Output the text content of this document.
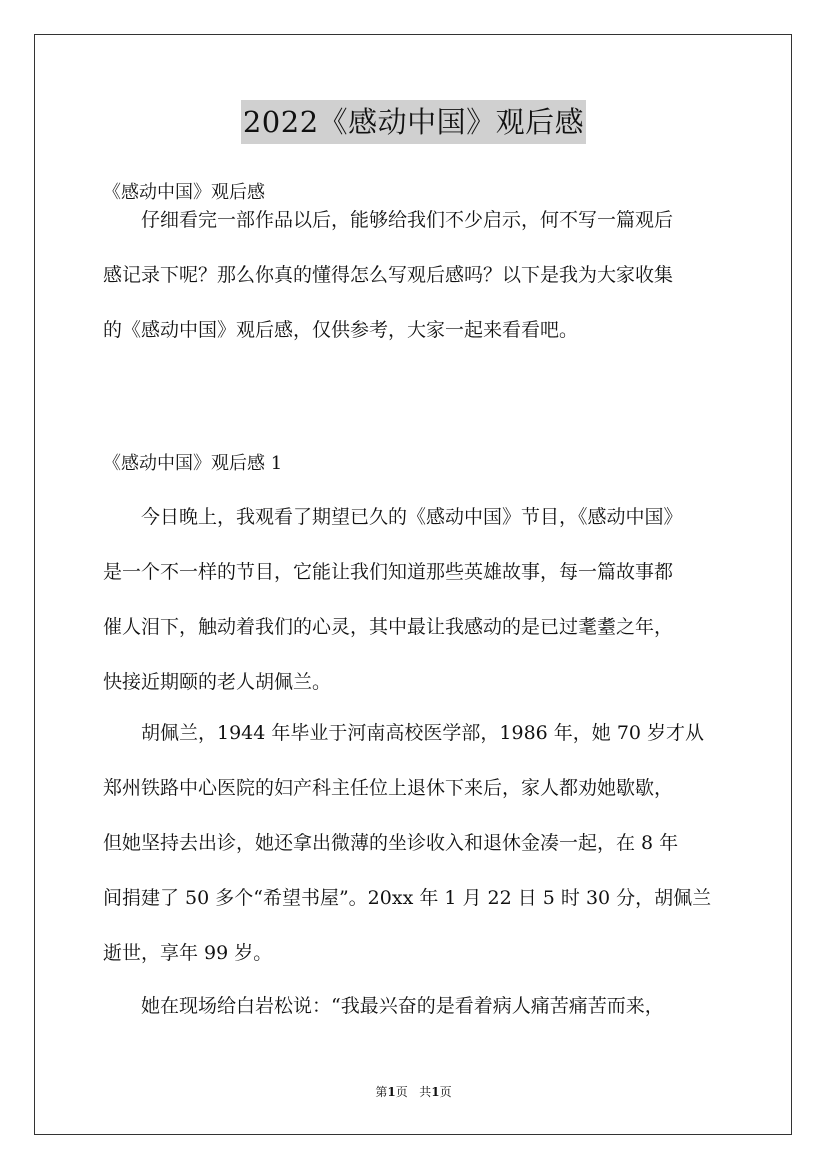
2022《感动中国》观后感

《感动中国》观后感

　　仔细看完一部作品以后，能够给我们不少启示，何不写一篇观后
感记录下呢？那么你真的懂得怎么写观后感吗？以下是我为大家收集
的《感动中国》观后感，仅供参考，大家一起来看看吧。

《感动中国》观后感 1

　　今日晚上，我观看了期望已久的《感动中国》节目，《感动中国》
是一个不一样的节目，它能让我们知道那些英雄故事，每一篇故事都
催人泪下，触动着我们的心灵，其中最让我感动的是已过耄耋之年，
快接近期颐的老人胡佩兰。
　　胡佩兰，1944 年毕业于河南高校医学部，1986 年，她 70 岁才从
郑州铁路中心医院的妇产科主任位上退休下来后，家人都劝她歇歇，
但她坚持去出诊，她还拿出微薄的坐诊收入和退休金凑一起，在 8 年
间捐建了 50 多个“希望书屋”。20xx 年 1 月 22 日 5 时 30 分，胡佩兰
逝世，享年 99 岁。
　　她在现场给白岩松说：“我最兴奋的是看着病人痛苦痛苦而来，
第1页 共1页
